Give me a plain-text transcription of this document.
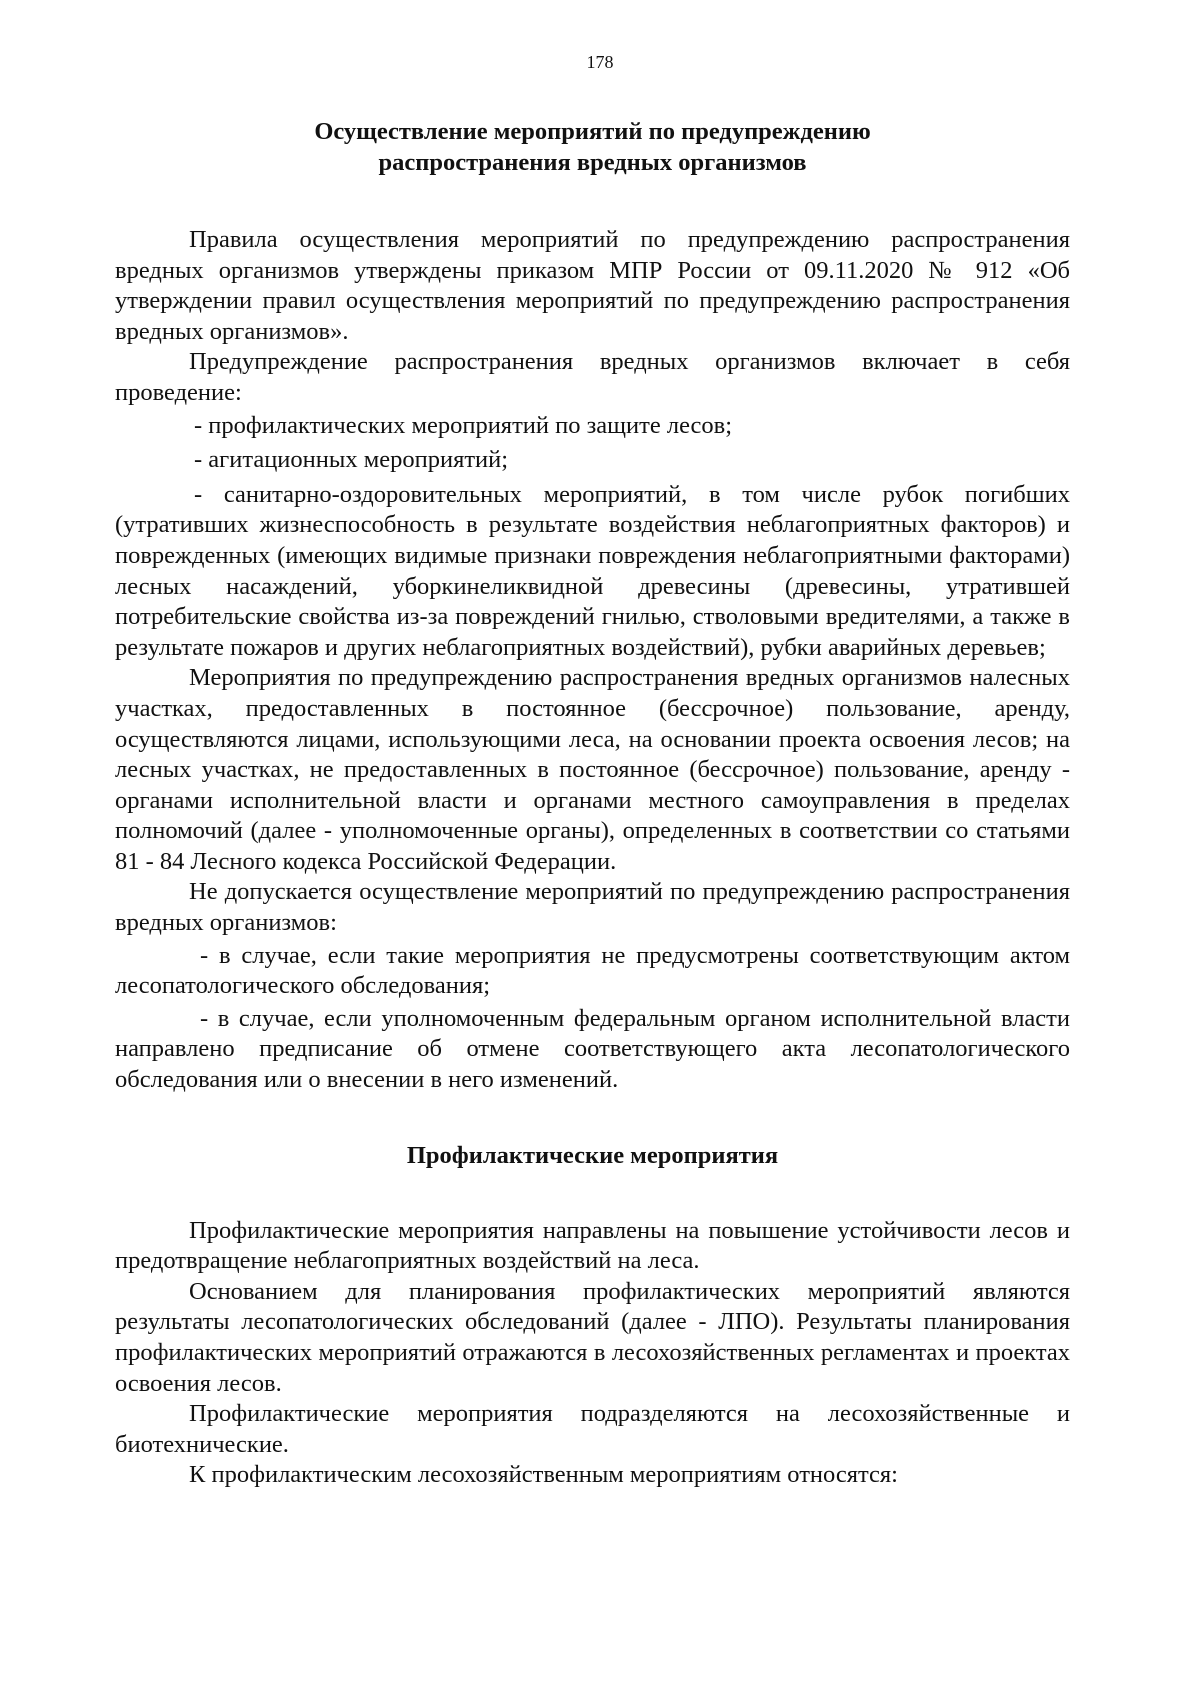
178
Осуществление мероприятий по предупреждению
распространения вредных организмов

Правила осуществления мероприятий по предупреждению распространения вредных организмов утверждены приказом МПР России от 09.11.2020 № 912 «Об утверждении правил осуществления мероприятий по предупреждению распространения вредных организмов».

Предупреждение распространения вредных организмов включает в себя проведение:

- профилактических мероприятий по защите лесов;

- агитационных мероприятий;

- санитарно-оздоровительных мероприятий, в том числе рубок погибших (утративших жизнеспособность в результате воздействия неблагоприятных факторов) и поврежденных (имеющих видимые признаки повреждения неблагоприятными факторами) лесных насаждений, уборкинеликвидной древесины (древесины, утратившей потребительские свойства из-за повреждений гнилью, стволовыми вредителями, а также в результате пожаров и других неблагоприятных воздействий), рубки аварийных деревьев;

Мероприятия по предупреждению распространения вредных организмов налесных участках, предоставленных в постоянное (бессрочное) пользование, аренду, осуществляются лицами, использующими леса, на основании проекта освоения лесов; на лесных участках, не предоставленных в постоянное (бессрочное) пользование, аренду - органами исполнительной власти и органами местного самоуправления в пределах полномочий (далее - уполномоченные органы), определенных в соответствии со статьями 81 - 84 Лесного кодекса Российской Федерации.

Не допускается осуществление мероприятий по предупреждению распространения вредных организмов:

- в случае, если такие мероприятия не предусмотрены соответствующим актом лесопатологического обследования;

- в случае, если уполномоченным федеральным органом исполнительной власти направлено предписание об отмене соответствующего акта лесопатологического обследования или о внесении в него изменений.

Профилактические мероприятия

Профилактические мероприятия направлены на повышение устойчивости лесов и предотвращение неблагоприятных воздействий на леса.

Основанием для планирования профилактических мероприятий являются результаты лесопатологических обследований (далее - ЛПО). Результаты планирования профилактических мероприятий отражаются в лесохозяйственных регламентах и проектах освоения лесов.

Профилактические мероприятия подразделяются на лесохозяйственные и биотехнические.

К профилактическим лесохозяйственным мероприятиям относятся:
